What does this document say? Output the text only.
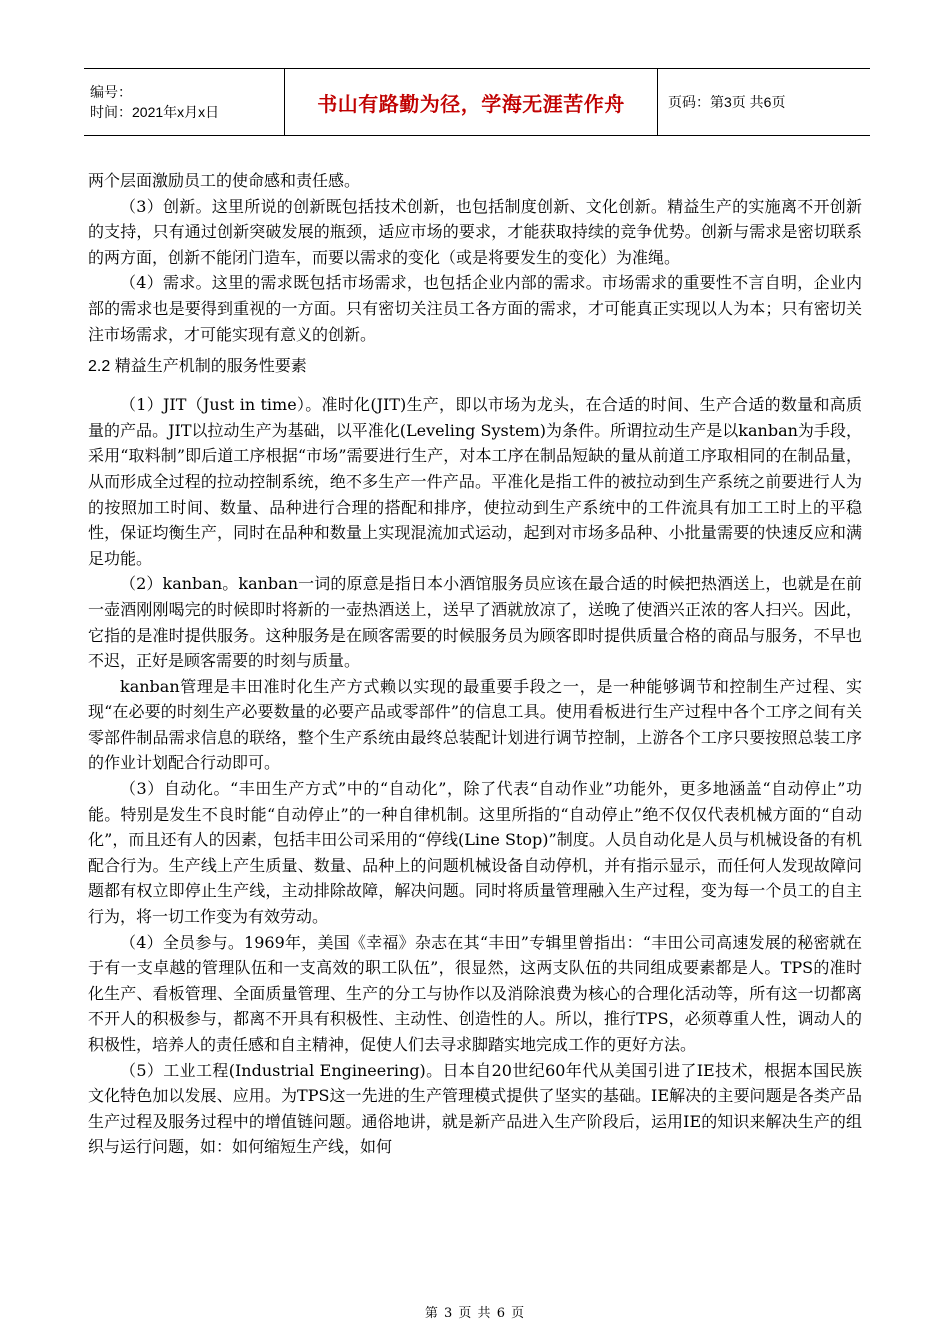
编号：
时间：2021年x月x日	书山有路勤为径，学海无涯苦作舟	页码：第3页 共6页

两个层面激励员工的使命感和责任感。

（3）创新。这里所说的创新既包括技术创新，也包括制度创新、文化创新。精益生产的实施离不开创新的支持，只有通过创新突破发展的瓶颈，适应市场的要求，才能获取持续的竞争优势。创新与需求是密切联系的两方面，创新不能闭门造车，而要以需求的变化（或是将要发生的变化）为准绳。

（4）需求。这里的需求既包括市场需求，也包括企业内部的需求。市场需求的重要性不言自明，企业内部的需求也是要得到重视的一方面。只有密切关注员工各方面的需求，才可能真正实现以人为本；只有密切关注市场需求，才可能实现有意义的创新。

2.2 精益生产机制的服务性要素

（1）JIT（Just in time）。准时化(JIT)生产，即以市场为龙头，在合适的时间、生产合适的数量和高质量的产品。JIT以拉动生产为基础，以平准化(Leveling System)为条件。所谓拉动生产是以kanban为手段，采用“取料制”即后道工序根据“市场”需要进行生产，对本工序在制品短缺的量从前道工序取相同的在制品量，从而形成全过程的拉动控制系统，绝不多生产一件产品。平准化是指工件的被拉动到生产系统之前要进行人为的按照加工时间、数量、品种进行合理的搭配和排序，使拉动到生产系统中的工件流具有加工工时上的平稳性，保证均衡生产，同时在品种和数量上实现混流加式运动，起到对市场多品种、小批量需要的快速反应和满足功能。

（2）kanban。kanban一词的原意是指日本小酒馆服务员应该在最合适的时候把热酒送上，也就是在前一壶酒刚刚喝完的时候即时将新的一壶热酒送上，送早了酒就放凉了，送晚了使酒兴正浓的客人扫兴。因此，它指的是准时提供服务。这种服务是在顾客需要的时候服务员为顾客即时提供质量合格的商品与服务，不早也不迟，正好是顾客需要的时刻与质量。

kanban管理是丰田准时化生产方式赖以实现的最重要手段之一，是一种能够调节和控制生产过程、实现“在必要的时刻生产必要数量的必要产品或零部件”的信息工具。使用看板进行生产过程中各个工序之间有关零部件制品需求信息的联络，整个生产系统由最终总装配计划进行调节控制，上游各个工序只要按照总装工序的作业计划配合行动即可。

（3）自动化。“丰田生产方式”中的“自动化”，除了代表“自动作业”功能外，更多地涵盖“自动停止”功能。特别是发生不良时能“自动停止”的一种自律机制。这里所指的“自动停止”绝不仅仅代表机械方面的“自动化”，而且还有人的因素，包括丰田公司采用的“停线(Line Stop)”制度。人员自动化是人员与机械设备的有机配合行为。生产线上产生质量、数量、品种上的问题机械设备自动停机，并有指示显示，而任何人发现故障问题都有权立即停止生产线，主动排除故障，解决问题。同时将质量管理融入生产过程，变为每一个员工的自主行为，将一切工作变为有效劳动。

（4）全员参与。1969年，美国《幸福》杂志在其“丰田”专辑里曾指出：“丰田公司高速发展的秘密就在于有一支卓越的管理队伍和一支高效的职工队伍”，很显然，这两支队伍的共同组成要素都是人。TPS的准时化生产、看板管理、全面质量管理、生产的分工与协作以及消除浪费为核心的合理化活动等，所有这一切都离不开人的积极参与，都离不开具有积极性、主动性、创造性的人。所以，推行TPS，必须尊重人性，调动人的积极性，培养人的责任感和自主精神，促使人们去寻求脚踏实地完成工作的更好方法。

（5）工业工程(Industrial Engineering)。日本自20世纪60年代从美国引进了IE技术，根据本国民族文化特色加以发展、应用。为TPS这一先进的生产管理模式提供了坚实的基础。IE解决的主要问题是各类产品生产过程及服务过程中的增值链问题。通俗地讲，就是新产品进入生产阶段后，运用IE的知识来解决生产的组织与运行问题，如：如何缩短生产线，如何

第 3 页 共 6 页
